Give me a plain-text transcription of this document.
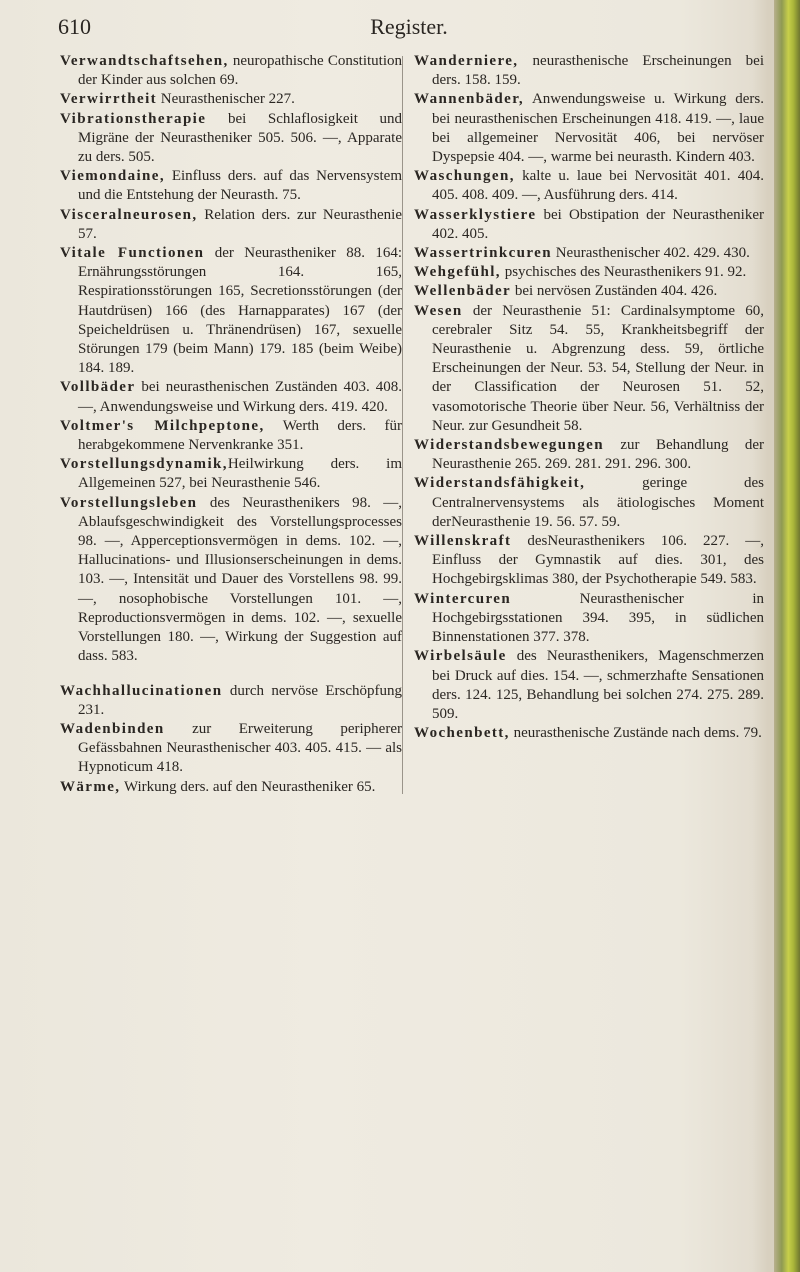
610	Register.

Verwandtschaftsehen, neuropathische Constitution der Kinder aus solchen 69.

Verwirrtheit Neurasthenischer 227.

Vibrationstherapie bei Schlaflosigkeit und Migräne der Neurastheniker 505. 506. —, Apparate zu ders. 505.

Viemondaine, Einfluss ders. auf das Nervensystem und die Entstehung der Neurasth. 75.

Visceralneurosen, Relation ders. zur Neurasthenie 57.

Vitale Functionen der Neurastheniker 88. 164: Ernährungsstörungen 164. 165, Respirationsstörungen 165, Secretionsstörungen (der Hautdrüsen) 166 (des Harnapparates) 167 (der Speicheldrüsen u. Thränendrüsen) 167, sexuelle Störungen 179 (beim Mann) 179. 185 (beim Weibe) 184. 189.

Vollbäder bei neurasthenischen Zuständen 403. 408. —, Anwendungsweise und Wirkung ders. 419. 420.

Voltmer's Milchpeptone, Werth ders. für herabgekommene Nervenkranke 351.

Vorstellungsdynamik,Heilwirkung ders. im Allgemeinen 527, bei Neurasthenie 546.

Vorstellungsleben des Neurasthenikers 98. —, Ablaufsgeschwindigkeit des Vorstellungsprocesses 98. —, Apperceptionsvermögen in dems. 102. —, Hallucinations- und Illusionserscheinungen in dems. 103. —, Intensität und Dauer des Vorstellens 98. 99. —, nosophobische Vorstellungen 101. —, Reproductionsvermögen in dems. 102. —, sexuelle Vorstellungen 180. —, Wirkung der Suggestion auf dass. 583.

Wachhallucinationen durch nervöse Erschöpfung 231.

Wadenbinden zur Erweiterung peripherer Gefässbahnen Neurasthenischer 403. 405. 415. — als Hypnoticum 418.

Wärme, Wirkung ders. auf den Neurastheniker 65.

Wanderniere, neurasthenische Erscheinungen bei ders. 158. 159.

Wannenbäder, Anwendungsweise u. Wirkung ders. bei neurasthenischen Erscheinungen 418. 419. —, laue bei allgemeiner Nervosität 406, bei nervöser Dyspepsie 404. —, warme bei neurasth. Kindern 403.

Waschungen, kalte u. laue bei Nervosität 401. 404. 405. 408. 409. —, Ausführung ders. 414.

Wasserklystiere bei Obstipation der Neurastheniker 402. 405.

Wassertrinkcuren Neurasthenischer 402. 429. 430.

Wehgefühl, psychisches des Neurasthenikers 91. 92.

Wellenbäder bei nervösen Zuständen 404. 426.

Wesen der Neurasthenie 51: Cardinalsymptome 60, cerebraler Sitz 54. 55, Krankheitsbegriff der Neurasthenie u. Abgrenzung dess. 59, örtliche Erscheinungen der Neur. 53. 54, Stellung der Neur. in der Classification der Neurosen 51. 52, vasomotorische Theorie über Neur. 56, Verhältniss der Neur. zur Gesundheit 58.

Widerstandsbewegungen zur Behandlung der Neurasthenie 265. 269. 281. 291. 296. 300.

Widerstandsfähigkeit, geringe des Centralnervensystems als ätiologisches Moment derNeurasthenie 19. 56. 57. 59.

Willenskraft desNeurasthenikers 106. 227. —, Einfluss der Gymnastik auf dies. 301, des Hochgebirgsklimas 380, der Psychotherapie 549. 583.

Wintercuren Neurasthenischer in Hochgebirgsstationen 394. 395, in südlichen Binnenstationen 377. 378.

Wirbelsäule des Neurasthenikers, Magenschmerzen bei Druck auf dies. 154. —, schmerzhafte Sensationen ders. 124. 125, Behandlung bei solchen 274. 275. 289. 509.

Wochenbett, neurasthenische Zustände nach dems. 79.
